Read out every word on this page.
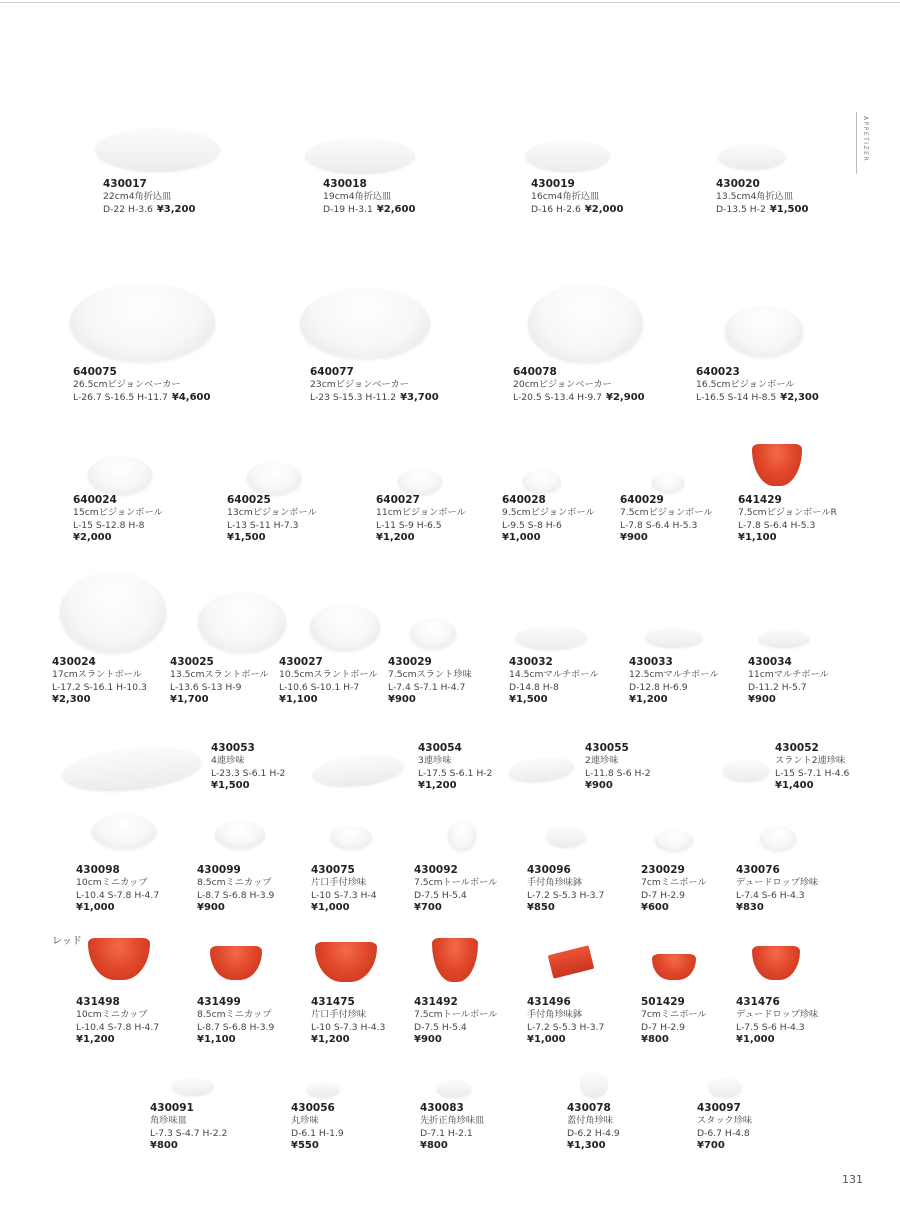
APPETIZER
430017
22cm4角折込皿
D-22 H-3.6 ¥3,200
430018
19cm4角折込皿
D-19 H-3.1 ¥2,600
430019
16cm4角折込皿
D-16 H-2.6 ¥2,000
430020
13.5cm4角折込皿
D-13.5 H-2 ¥1,500
640075
26.5cmビジョンベーカー
L-26.7 S-16.5 H-11.7 ¥4,600
640077
23cmビジョンベーカー
L-23 S-15.3 H-11.2 ¥3,700
640078
20cmビジョンベーカー
L-20.5 S-13.4 H-9.7 ¥2,900
640023
16.5cmビジョンボール
L-16.5 S-14 H-8.5 ¥2,300
640024
15cmビジョンボール
L-15 S-12.8 H-8
¥2,000
640025
13cmビジョンボール
L-13 S-11 H-7.3
¥1,500
640027
11cmビジョンボール
L-11 S-9 H-6.5
¥1,200
640028
9.5cmビジョンボール
L-9.5 S-8 H-6
¥1,000
640029
7.5cmビジョンボール
L-7.8 S-6.4 H-5.3
¥900
641429
7.5cmビジョンボールR
L-7.8 S-6.4 H-5.3
¥1,100
430024
17cmスラントボール
L-17.2 S-16.1 H-10.3
¥2,300
430025
13.5cmスラントボール
L-13.6 S-13 H-9
¥1,700
430027
10.5cmスラントボール
L-10.6 S-10.1 H-7
¥1,100
430029
7.5cmスラント珍味
L-7.4 S-7.1 H-4.7
¥900
430032
14.5cmマルチボール
D-14.8 H-8
¥1,500
430033
12.5cmマルチボール
D-12.8 H-6.9
¥1,200
430034
11cmマルチボール
D-11.2 H-5.7
¥900
430053
4連珍味
L-23.3 S-6.1 H-2
¥1,500
430054
3連珍味
L-17.5 S-6.1 H-2
¥1,200
430055
2連珍味
L-11.8 S-6 H-2
¥900
430052
スラント2連珍味
L-15 S-7.1 H-4.6
¥1,400
430098
10cmミニカップ
L-10.4 S-7.8 H-4.7
¥1,000
430099
8.5cmミニカップ
L-8.7 S-6.8 H-3.9
¥900
430075
片口手付珍味
L-10 S-7.3 H-4
¥1,000
430092
7.5cmトールボール
D-7.5 H-5.4
¥700
430096
手付角珍味鉢
L-7.2 S-5.3 H-3.7
¥850
230029
7cmミニボール
D-7 H-2.9
¥600
430076
デュードロップ珍味
L-7.4 S-6 H-4.3
¥830
レッド
431498
10cmミニカップ
L-10.4 S-7.8 H-4.7
¥1,200
431499
8.5cmミニカップ
L-8.7 S-6.8 H-3.9
¥1,100
431475
片口手付珍味
L-10 S-7.3 H-4.3
¥1,200
431492
7.5cmトールボール
D-7.5 H-5.4
¥900
431496
手付角珍味鉢
L-7.2 S-5.3 H-3.7
¥1,000
501429
7cmミニボール
D-7 H-2.9
¥800
431476
デュードロップ珍味
L-7.5 S-6 H-4.3
¥1,000
430091
角珍味皿
L-7.3 S-4.7 H-2.2
¥800
430056
丸珍味
D-6.1 H-1.9
¥550
430083
先折正角珍味皿
D-7.1 H-2.1
¥800
430078
蓋付角珍味
D-6.2 H-4.9
¥1,300
430097
スタック珍味
D-6.7 H-4.8
¥700
131
